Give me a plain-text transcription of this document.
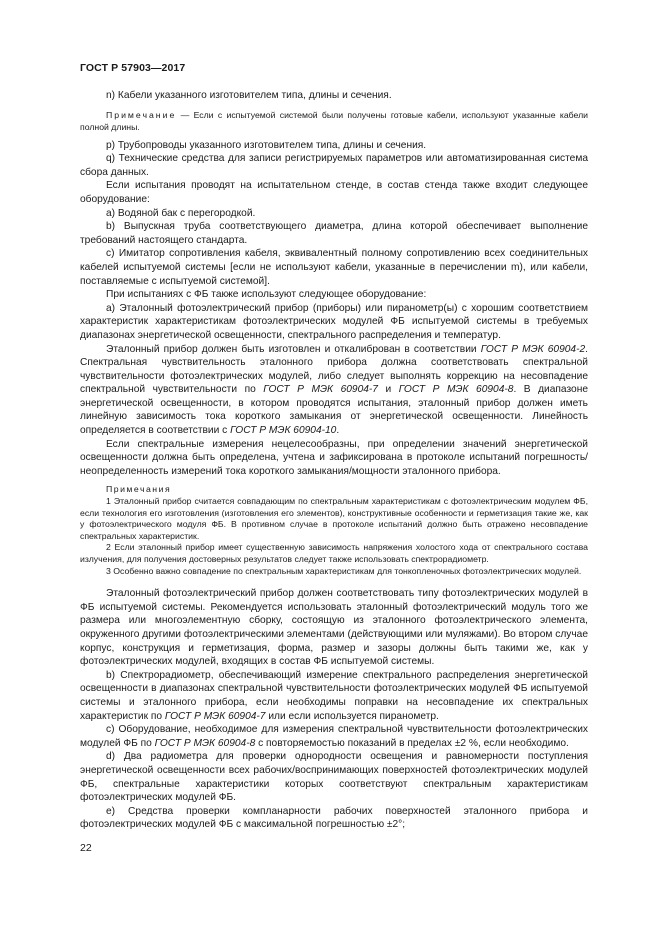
ГОСТ Р 57903—2017

n) Кабели указанного изготовителем типа, длины и сечения.

Примечание — Если с испытуемой системой были получены готовые кабели, используют указанные кабели полной длины.

p) Трубопроводы указанного изготовителем типа, длины и сечения.

q) Технические средства для записи регистрируемых параметров или автоматизированная система сбора данных.

Если испытания проводят на испытательном стенде, в состав стенда также входит следующее оборудование:

a) Водяной бак с перегородкой.

b) Выпускная труба соответствующего диаметра, длина которой обеспечивает выполнение требований настоящего стандарта.

c) Имитатор сопротивления кабеля, эквивалентный полному сопротивлению всех соединительных кабелей испытуемой системы [если не используют кабели, указанные в перечислении m), или кабели, поставляемые с испытуемой системой].

При испытаниях с ФБ также используют следующее оборудование:

a) Эталонный фотоэлектрический прибор (приборы) или пиранометр(ы) с хорошим соответствием характеристик характеристикам фотоэлектрических модулей ФБ испытуемой системы в требуемых диапазонах энергетической освещенности, спектрального распределения и температур.

Эталонный прибор должен быть изготовлен и откалиброван в соответствии ГОСТ Р МЭК 60904-2. Спектральная чувствительность эталонного прибора должна соответствовать спектральной чувствительности фотоэлектрических модулей, либо следует выполнять коррекцию на несовпадение спектральной чувствительности по ГОСТ Р МЭК 60904-7 и ГОСТ Р МЭК 60904-8. В диапазоне энергетической освещенности, в котором проводятся испытания, эталонный прибор должен иметь линейную зависимость тока короткого замыкания от энергетической освещенности. Линейность определяется в соответствии с ГОСТ Р МЭК 60904-10.

Если спектральные измерения нецелесообразны, при определении значений энергетической освещенности должна быть определена, учтена и зафиксирована в протоколе испытаний погрешность/неопределенность измерений тока короткого замыкания/мощности эталонного прибора.

Примечания

1 Эталонный прибор считается совпадающим по спектральным характеристикам с фотоэлектрическим модулем ФБ, если технология его изготовления (изготовления его элементов), конструктивные особенности и герметизация такие же, как у фотоэлектрического модуля ФБ. В противном случае в протоколе испытаний должно быть отражено несовпадение спектральных характеристик.

2 Если эталонный прибор имеет существенную зависимость напряжения холостого хода от спектрального состава излучения, для получения достоверных результатов следует также использовать спектрорадиометр.

3 Особенно важно совпадение по спектральным характеристикам для тонкопленочных фотоэлектрических модулей.

Эталонный фотоэлектрический прибор должен соответствовать типу фотоэлектрических модулей в ФБ испытуемой системы. Рекомендуется использовать эталонный фотоэлектрический модуль того же размера или многоэлементную сборку, состоящую из эталонного фотоэлектрического элемента, окруженного другими фотоэлектрическими элементами (действующими или муляжами). Во втором случае корпус, конструкция и герметизация, форма, размер и зазоры должны быть такими же, как у фотоэлектрических модулей, входящих в состав ФБ испытуемой системы.

b) Спектрорадиометр, обеспечивающий измерение спектрального распределения энергетической освещенности в диапазонах спектральной чувствительности фотоэлектрических модулей ФБ испытуемой системы и эталонного прибора, если необходимы поправки на несовпадение их спектральных характеристик по ГОСТ Р МЭК 60904-7 или если используется пиранометр.

c) Оборудование, необходимое для измерения спектральной чувствительности фотоэлектрических модулей ФБ по ГОСТ Р МЭК 60904-8 с повторяемостью показаний в пределах ±2 %, если необходимо.

d) Два радиометра для проверки однородности освещения и равномерности поступления энергетической освещенности всех рабочих/воспринимающих поверхностей фотоэлектрических модулей ФБ, спектральные характеристики которых соответствуют спектральным характеристикам фотоэлектрических модулей ФБ.

e) Средства проверки компланарности рабочих поверхностей эталонного прибора и фотоэлектрических модулей ФБ с максимальной погрешностью ±2°;

22
